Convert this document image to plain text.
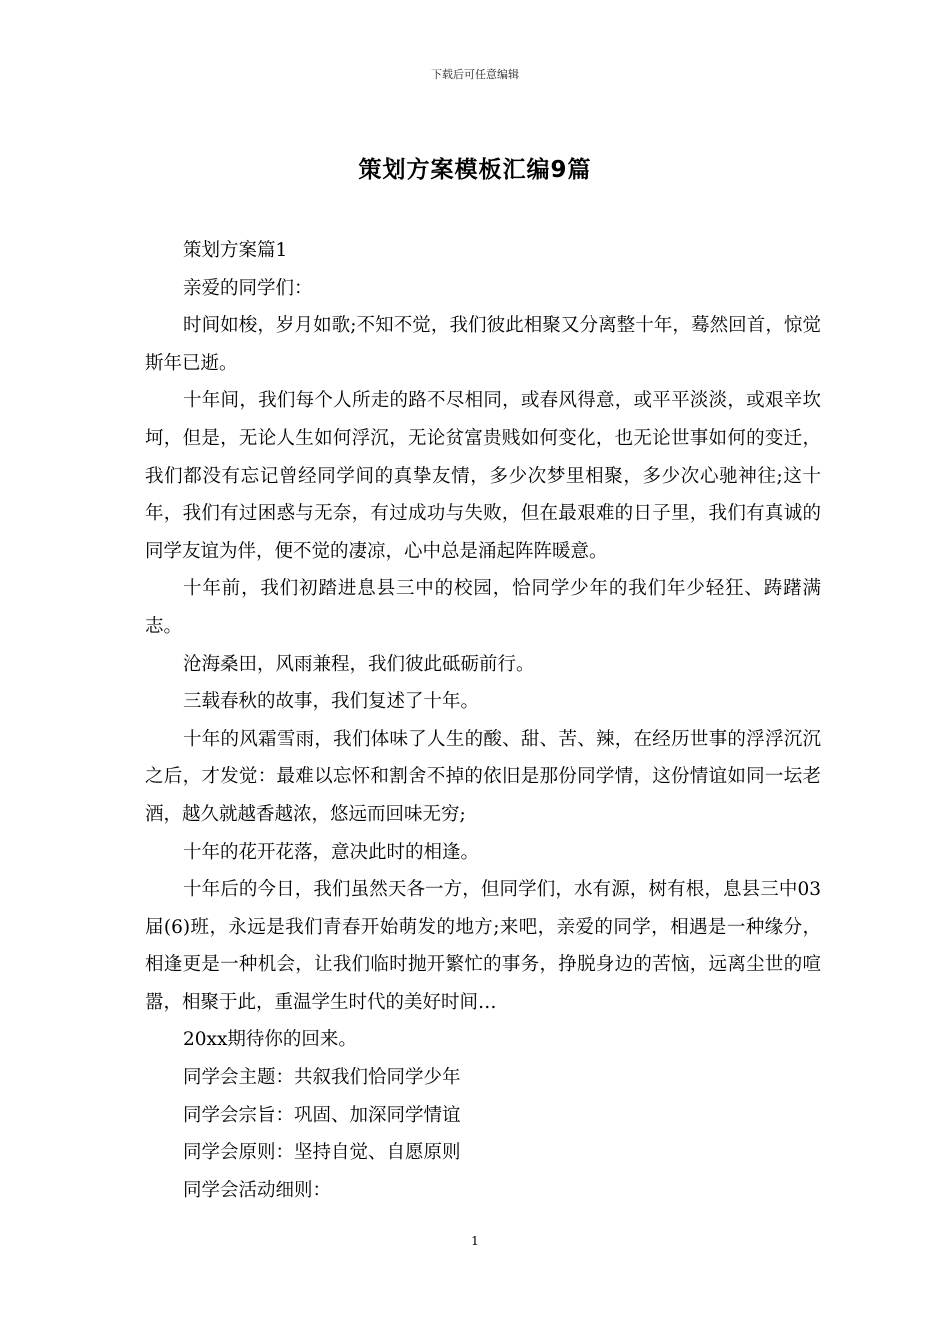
下载后可任意编辑
策划方案模板汇编9篇

策划方案篇1

亲爱的同学们：

时间如梭，岁月如歌;不知不觉，我们彼此相聚又分离整十年，蓦然回首，惊觉斯年已逝。

十年间，我们每个人所走的路不尽相同，或春风得意，或平平淡淡，或艰辛坎坷，但是，无论人生如何浮沉，无论贫富贵贱如何变化，也无论世事如何的变迁，我们都没有忘记曾经同学间的真挚友情，多少次梦里相聚，多少次心驰神往;这十年，我们有过困惑与无奈，有过成功与失败，但在最艰难的日子里，我们有真诚的同学友谊为伴，便不觉的凄凉，心中总是涌起阵阵暖意。

十年前，我们初踏进息县三中的校园，恰同学少年的我们年少轻狂、踌躇满志。

沧海桑田，风雨兼程，我们彼此砥砺前行。

三载春秋的故事，我们复述了十年。

十年的风霜雪雨，我们体味了人生的酸、甜、苦、辣，在经历世事的浮浮沉沉之后，才发觉：最难以忘怀和割舍不掉的依旧是那份同学情，这份情谊如同一坛老酒，越久就越香越浓，悠远而回味无穷;

十年的花开花落，意决此时的相逢。

十年后的今日，我们虽然天各一方，但同学们，水有源，树有根，息县三中03届(6)班，永远是我们青春开始萌发的地方;来吧，亲爱的同学，相遇是一种缘分，相逢更是一种机会，让我们临时抛开繁忙的事务，挣脱身边的苦恼，远离尘世的喧嚣，相聚于此，重温学生时代的美好时间…

20xx期待你的回来。

同学会主题：共叙我们恰同学少年

同学会宗旨：巩固、加深同学情谊

同学会原则：坚持自觉、自愿原则

同学会活动细则：

1
